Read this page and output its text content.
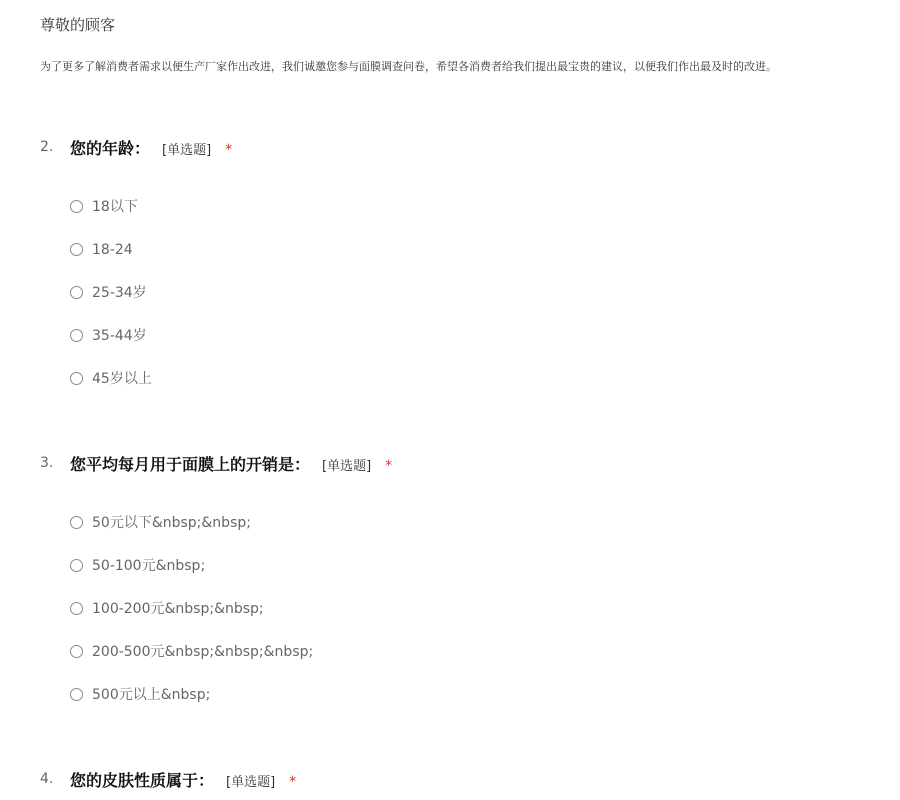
尊敬的顾客
为了更多了解消费者需求以便生产厂家作出改进，我们诚邀您参与面膜调查问卷，希望各消费者给我们提出最宝贵的建议，以便我们作出最及时的改进。
2. 您的年龄： [单选题] *
18以下
18-24
25-34岁
35-44岁
45岁以上
3. 您平均每月用于面膜上的开销是： [单选题] *
50元以下&nbsp;&nbsp;
50-100元&nbsp;
100-200元&nbsp;&nbsp;
200-500元&nbsp;&nbsp;&nbsp;
500元以上&nbsp;
4. 您的皮肤性质属于： [单选题] *
